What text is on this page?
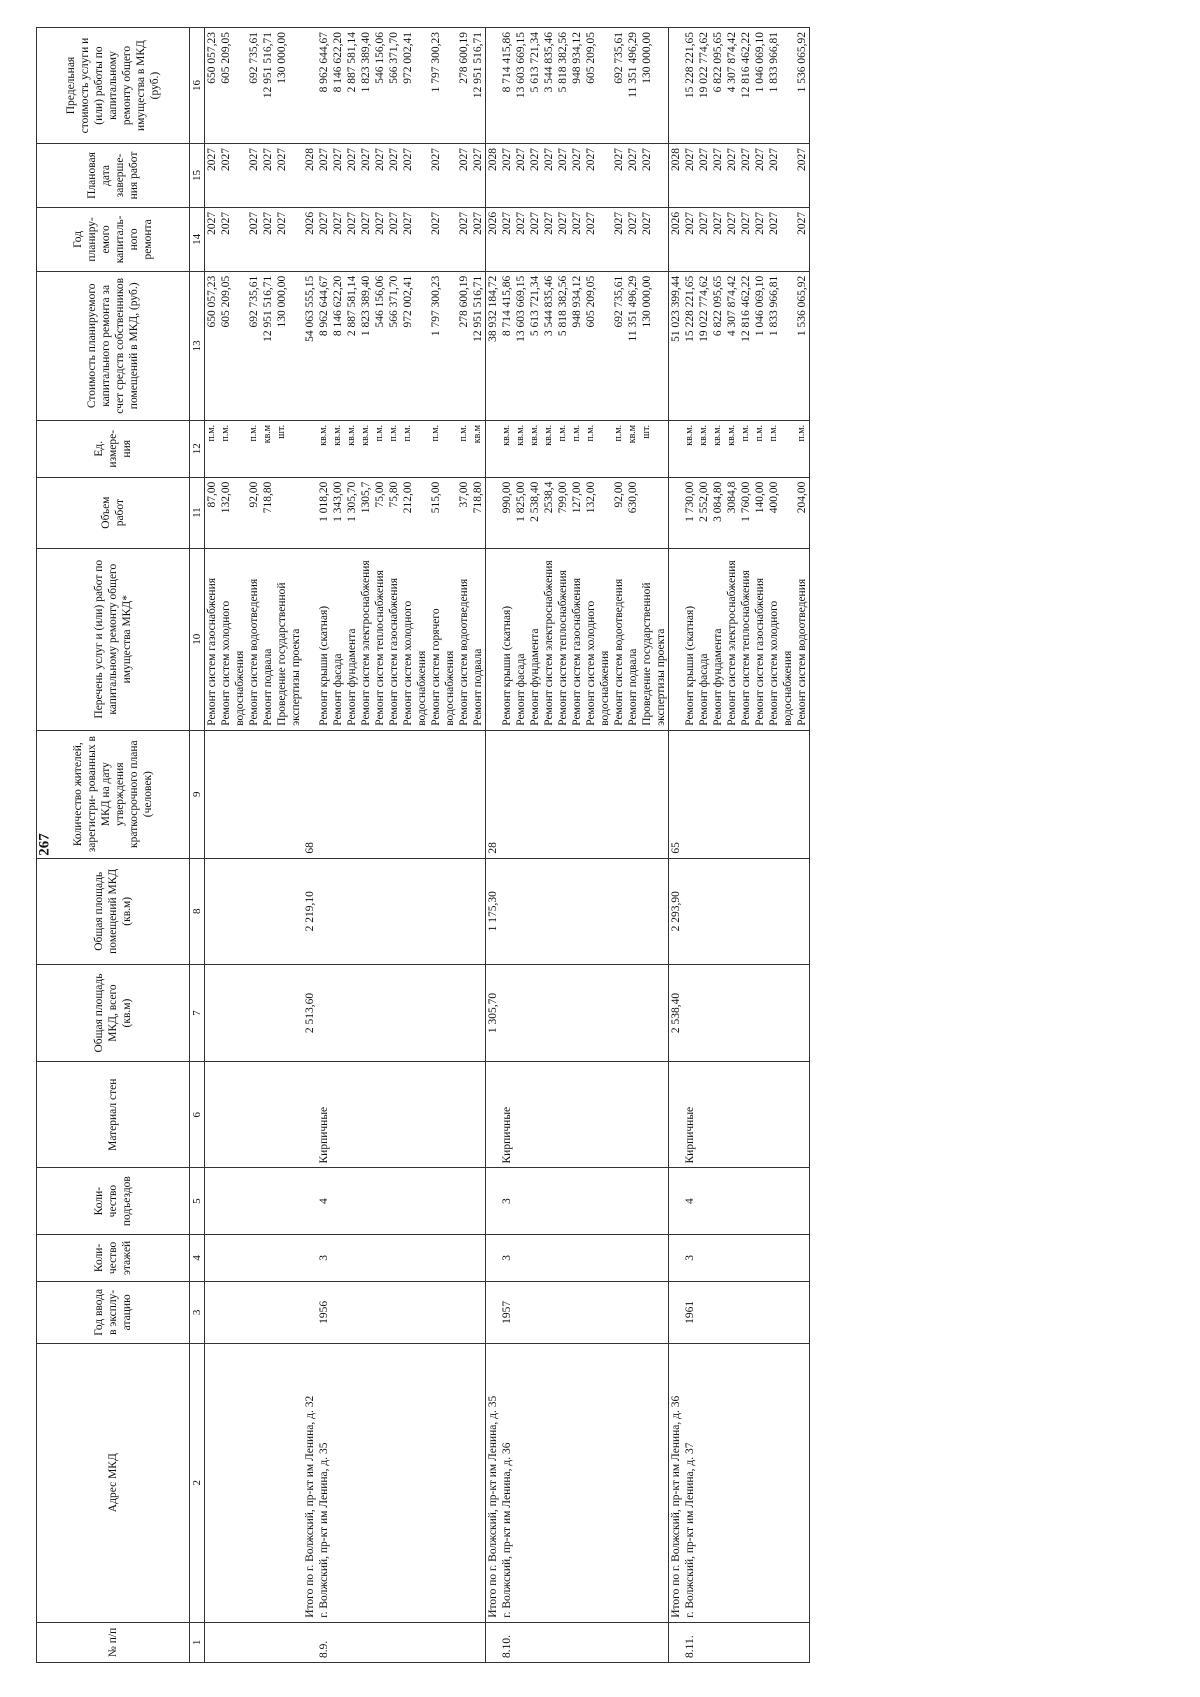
267
№ п/п	Адрес МКД	Год ввода в эксплу- атацию	Коли- чество этажей	Коли- чество подъездов	Материал стен	Общая площадь МКД, всего (кв.м)	Общая площадь помещений МКД (кв.м)	Количество жителей, зарегистри- рованных в МКД на дату утверждения краткосрочного плана (человек)	Перечень услуг и (или) работ по капитальному ремонту общего имущества МКД*	Объем работ	Ед. измере- ния	Стоимость планируемого капитального ремонта за счет средств собственников помещений в МКД, (руб.)	Год планиру- емого капиталь- ного ремонта	Плановая дата заверше- ния работ	Предельная стоимость услуги и (или) работы по капитальному ремонту общего имущества в МКД (руб.)
1	2	3	4	5	6	7	8	9	10	11	12	13	14	15	16
									Ремонт систем газоснабжения	87,00	п.м.	650 057,23	2027	2027	650 057,23
									Ремонт систем холодного водоснабжения	132,00	п.м.	605 209,05	2027	2027	605 209,05
									Ремонт систем водоотведения	92,00	п.м.	692 735,61	2027	2027	692 735,61
									Ремонт подвала	718,80	кв.м	12 951 516,71	2027	2027	12 951 516,71
									Проведение государственной экспертизы проекта		шт.	130 000,00	2027	2027	130 000,00
	Итого по г. Волжский, пр-кт им Ленина, д. 32					2 513,60	2 219,10	68				54 063 555,15	2026	2028	
8.9.	г. Волжский, пр-кт им Ленина, д. 35	1956	3	4	Кирпичные				Ремонт крыши (скатная)	1 018,20	кв.м.	8 962 644,67	2027	2027	8 962 644,67
									Ремонт фасада	1 343,00	кв.м.	8 146 622,20	2027	2027	8 146 622,20
									Ремонт фундамента	1 305,70	кв.м.	2 887 581,14	2027	2027	2 887 581,14
									Ремонт систем электроснабжения	1305,7	кв.м.	1 823 389,40	2027	2027	1 823 389,40
									Ремонт систем теплоснабжения	75,00	п.м.	546 156,06	2027	2027	546 156,06
									Ремонт систем газоснабжения	75,80	п.м.	566 371,70	2027	2027	566 371,70
									Ремонт систем холодного водоснабжения	212,00	п.м.	972 002,41	2027	2027	972 002,41
									Ремонт систем горячего водоснабжения	515,00	п.м.	1 797 300,23	2027	2027	1 797 300,23
									Ремонт систем водоотведения	37,00	п.м.	278 600,19	2027	2027	278 600,19
									Ремонт подвала	718,80	кв.м	12 951 516,71	2027	2027	12 951 516,71
	Итого по г. Волжский, пр-кт им Ленина, д. 35					1 305,70	1 175,30	28				38 932 184,72	2026	2028	
8.10.	г. Волжский, пр-кт им Ленина, д. 36	1957	3	3	Кирпичные				Ремонт крыши (скатная)	990,00	кв.м.	8 714 415,86	2027	2027	8 714 415,86
									Ремонт фасада	1 825,00	кв.м.	13 603 669,15	2027	2027	13 603 669,15
									Ремонт фундамента	2 538,40	кв.м.	5 613 721,34	2027	2027	5 613 721,34
									Ремонт систем электроснабжения	2538,4	кв.м.	3 544 835,46	2027	2027	3 544 835,46
									Ремонт систем теплоснабжения	799,00	п.м.	5 818 382,56	2027	2027	5 818 382,56
									Ремонт систем газоснабжения	127,00	п.м.	948 934,12	2027	2027	948 934,12
									Ремонт систем холодного водоснабжения	132,00	п.м.	605 209,05	2027	2027	605 209,05
									Ремонт систем водоотведения	92,00	п.м.	692 735,61	2027	2027	692 735,61
									Ремонт подвала	630,00	кв.м	11 351 496,29	2027	2027	11 351 496,29
									Проведение государственной экспертизы проекта		шт.	130 000,00	2027	2027	130 000,00
	Итого по г. Волжский, пр-кт им Ленина, д. 36					2 538,40	2 293,90	65				51 023 399,44	2026	2028	
8.11.	г. Волжский, пр-кт им Ленина, д. 37	1961	3	4	Кирпичные				Ремонт крыши (скатная)	1 730,00	кв.м.	15 228 221,65	2027	2027	15 228 221,65
									Ремонт фасада	2 552,00	кв.м.	19 022 774,62	2027	2027	19 022 774,62
									Ремонт фундамента	3 084,80	кв.м.	6 822 095,65	2027	2027	6 822 095,65
									Ремонт систем электроснабжения	3084,8	кв.м.	4 307 874,42	2027	2027	4 307 874,42
									Ремонт систем теплоснабжения	1 760,00	п.м.	12 816 462,22	2027	2027	12 816 462,22
									Ремонт систем газоснабжения	140,00	п.м.	1 046 069,10	2027	2027	1 046 069,10
									Ремонт систем холодного водоснабжения	400,00	п.м.	1 833 966,81	2027	2027	1 833 966,81
									Ремонт систем водоотведения	204,00	п.м.	1 536 065,92	2027	2027	1 536 065,92
